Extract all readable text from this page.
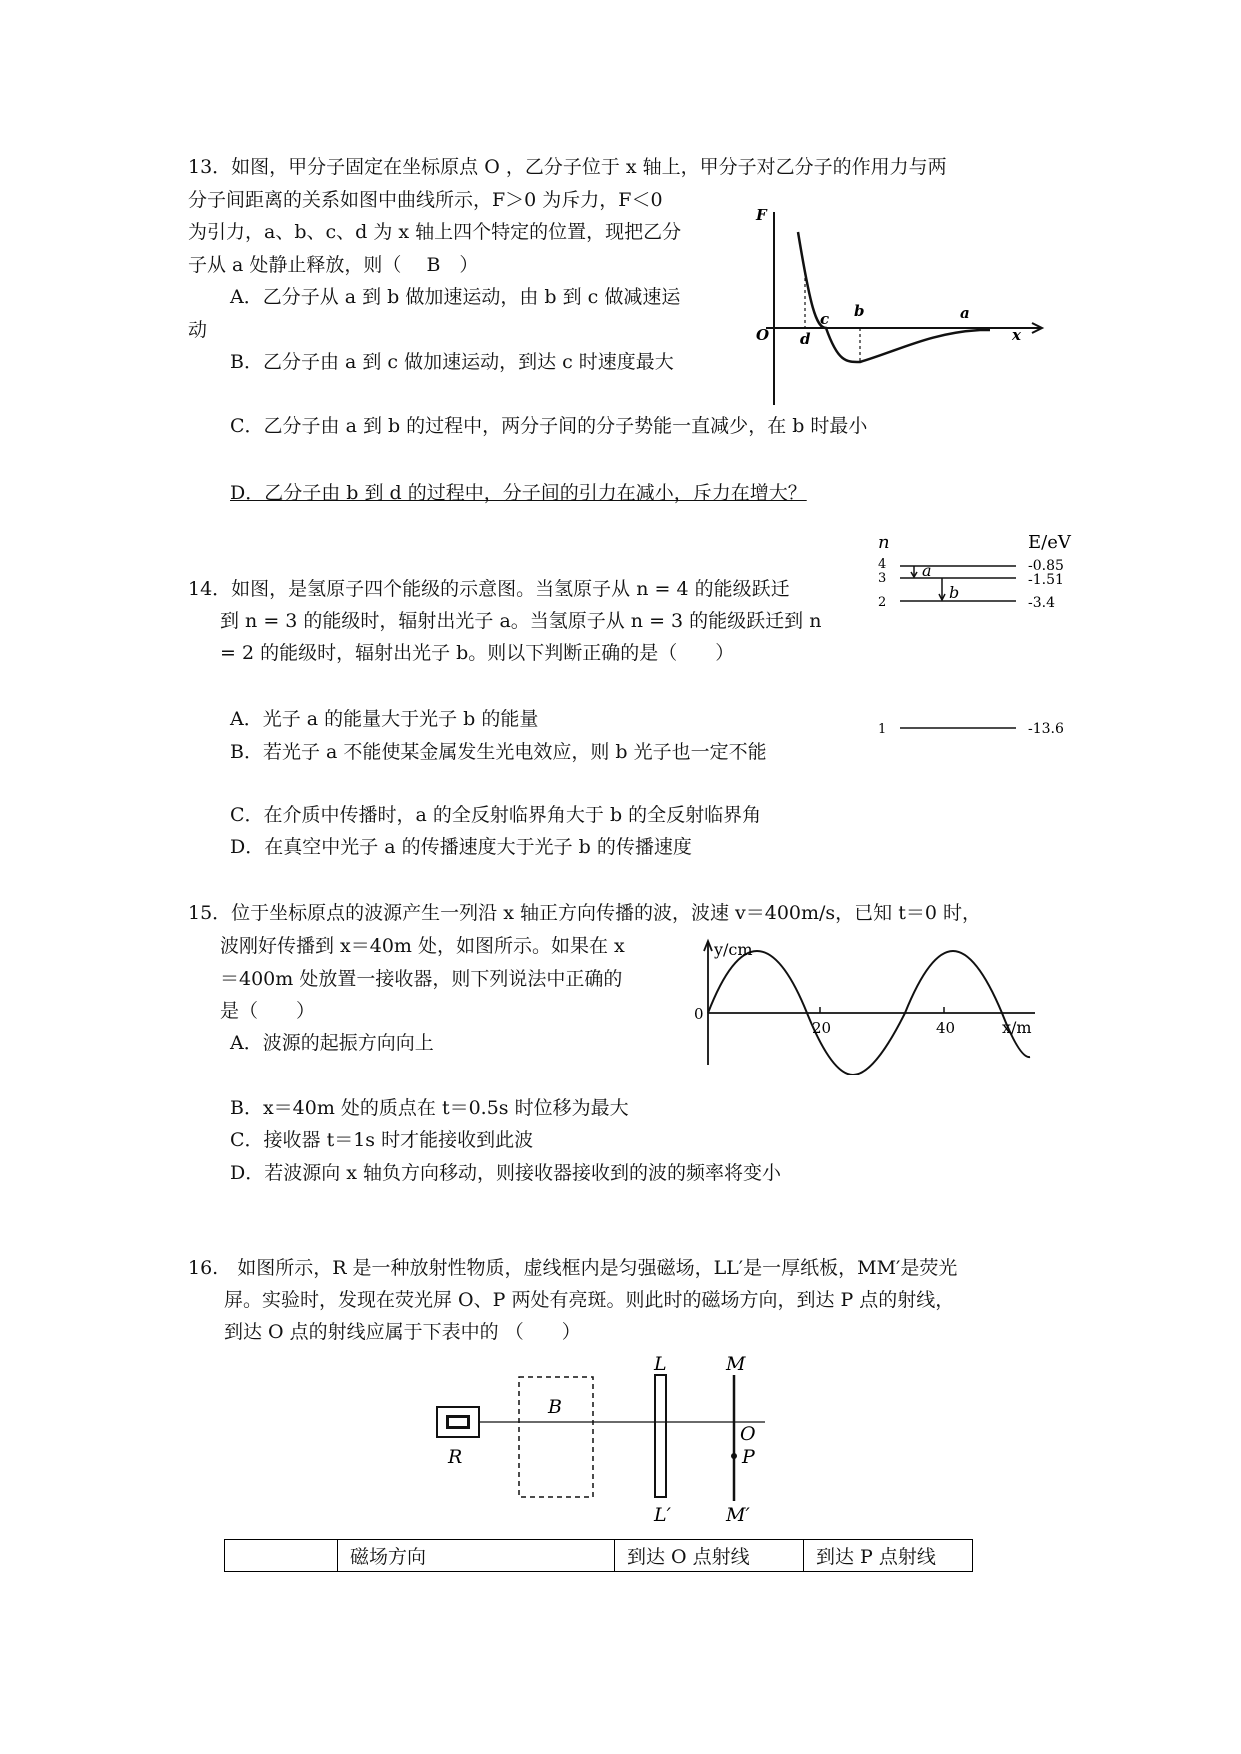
13．如图，甲分子固定在坐标原点 O ，乙分子位于 x 轴上，甲分子对乙分子的作用力与两
分子间距离的关系如图中曲线所示，F＞0 为斥力，F＜0
为引力，a、b、c、d 为 x 轴上四个特定的位置，现把乙分
子从 a 处静止释放，则（　 B　）
A．乙分子从 a 到 b 做加速运动，由 b 到 c 做减速运
动
B．乙分子由 a 到 c 做加速运动，到达 c 时速度最大
C．乙分子由 a 到 b 的过程中，两分子间的分子势能一直减少，在 b 时最小
D．乙分子由 b 到 d 的过程中，分子间的引力在减小，斥力在增大？
F
O	x
d
c b	a
14．如图，是氢原子四个能级的示意图。当氢原子从 n = 4 的能级跃迁
到 n = 3 的能级时，辐射出光子 a。当氢原子从 n = 3 的能级跃迁到 n
= 2 的能级时，辐射出光子 b。则以下判断正确的是（　　）
A．光子 a 的能量大于光子 b 的能量
B．若光子 a 不能使某金属发生光电效应，则 b 光子也一定不能
C．在介质中传播时，a 的全反射临界角大于 b 的全反射临界角
D．在真空中光子 a 的传播速度大于光子 b 的传播速度
n	E/eV
4
3
2
1
-0.85
-1.51
-3.4
-13.6
a
b
15．位于坐标原点的波源产生一列沿 x 轴正方向传播的波，波速 v＝400m/s，已知 t＝0 时，
波刚好传播到 x＝40m 处，如图所示。如果在 x
＝400m 处放置一接收器，则下列说法中正确的
是（　　）
A．波源的起振方向向上
B．x＝40m 处的质点在 t＝0.5s 时位移为最大
C．接收器 t＝1s 时才能接收到此波
D．若波源向 x 轴负方向移动，则接收器接收到的波的频率将变小
y/cm
0
20	40	x/m
16.　如图所示，R 是一种放射性物质，虚线框内是匀强磁场，LL′是一厚纸板，MM′是荧光
屏。实验时，发现在荧光屏 O、P 两处有亮斑。则此时的磁场方向，到达 P 点的射线，
到达 O 点的射线应属于下表中的 （　　）
R
B
L
L′
M
M′
O
P
	磁场方向	到达 O 点射线	到达 P 点射线
